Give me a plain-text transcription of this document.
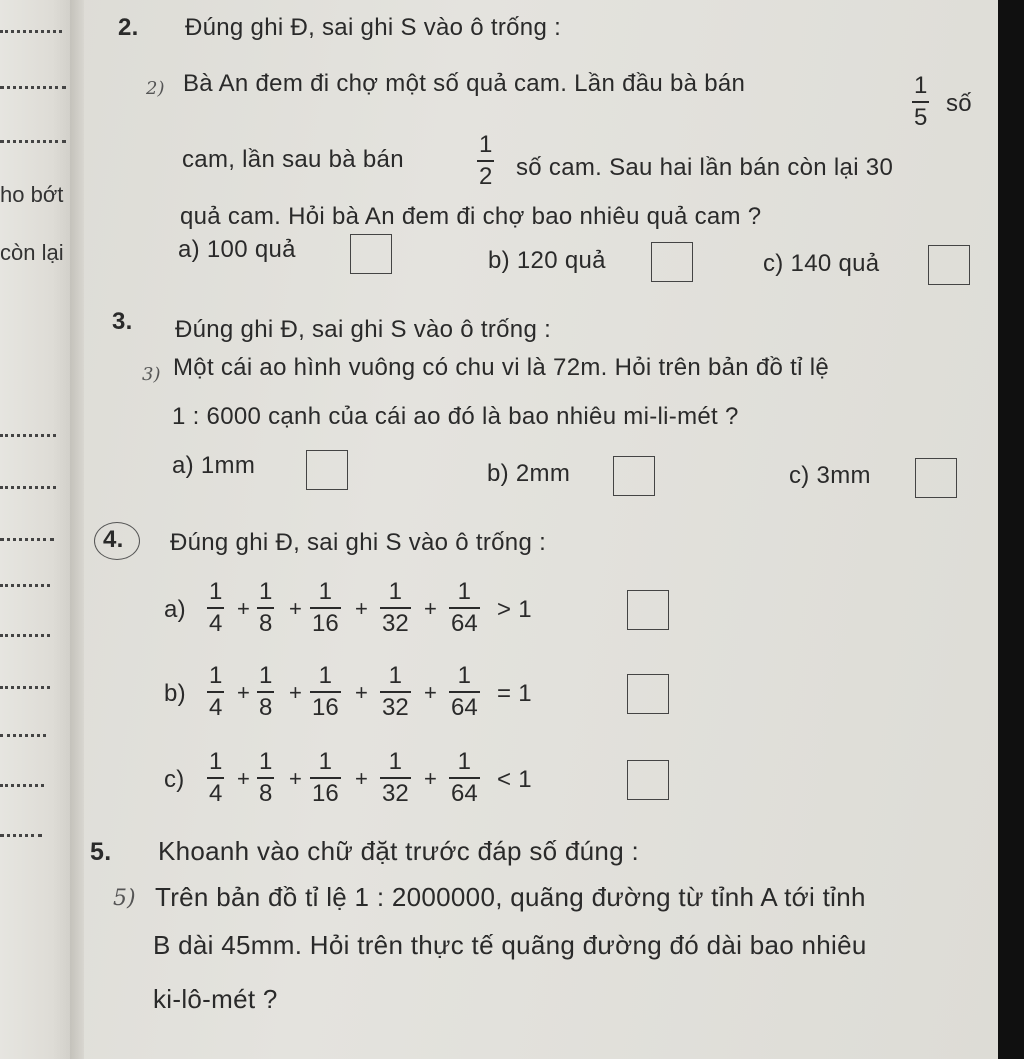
ho bớt
còn lại
2. Đúng ghi Đ, sai ghi S vào ô trống :
2) Bà An đem đi chợ một số quả cam. Lần đầu bà bán	1
5 số
cam, lần sau bà bán
1
2 số cam. Sau hai lần bán còn lại 30
quả cam. Hỏi bà An đem đi chợ bao nhiêu quả cam ?
a) 100 quả	b) 120 quả	c) 140 quả
3. Đúng ghi Đ, sai ghi S vào ô trống :
3) Một cái ao hình vuông có chu vi là 72m. Hỏi trên bản đồ tỉ lệ
1 : 6000 cạnh của cái ao đó là bao nhiêu mi-li-mét ?
a) 1mm	b) 2mm	c) 3mm
4. Đúng ghi Đ, sai ghi S vào ô trống :
a)
1
4
+
1
8
+
1
16
+
1
32
+
1
64 > 1
b)
1
4
+
1
8
+
1
16
+
1
32
+
1
64 = 1
c)
1
4
+
1
8
+
1
16
+
1
32
+
1
64 < 1
5. Khoanh vào chữ đặt trước đáp số đúng :
5) Trên bản đồ tỉ lệ 1 : 2000000, quãng đường từ tỉnh A tới tỉnh
B dài 45mm. Hỏi trên thực tế quãng đường đó dài bao nhiêu
ki-lô-mét ?
